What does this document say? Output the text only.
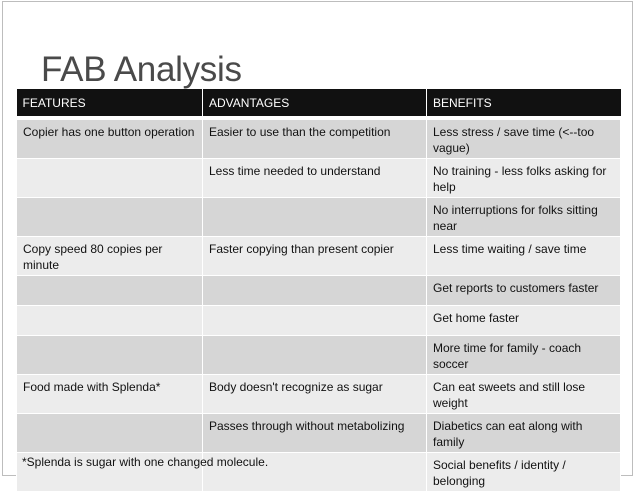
FAB Analysis
FEATURES	ADVANTAGES	BENEFITS
Copier has one button operation	Easier to use than the competition	Less stress / save time (<--too vague)
	Less time needed to understand	No training - less folks asking for help
		No interruptions for folks sitting near
Copy speed 80 copies per minute	Faster copying than present copier	Less time waiting / save time
		Get reports to customers faster
		Get home faster
		More time for family - coach soccer
Food made with Splenda*	Body doesn't recognize as sugar	Can eat sweets and still lose weight
	Passes through without metabolizing	Diabetics can eat along with family
		Social benefits / identity / belonging
*Splenda is sugar with one changed molecule.
